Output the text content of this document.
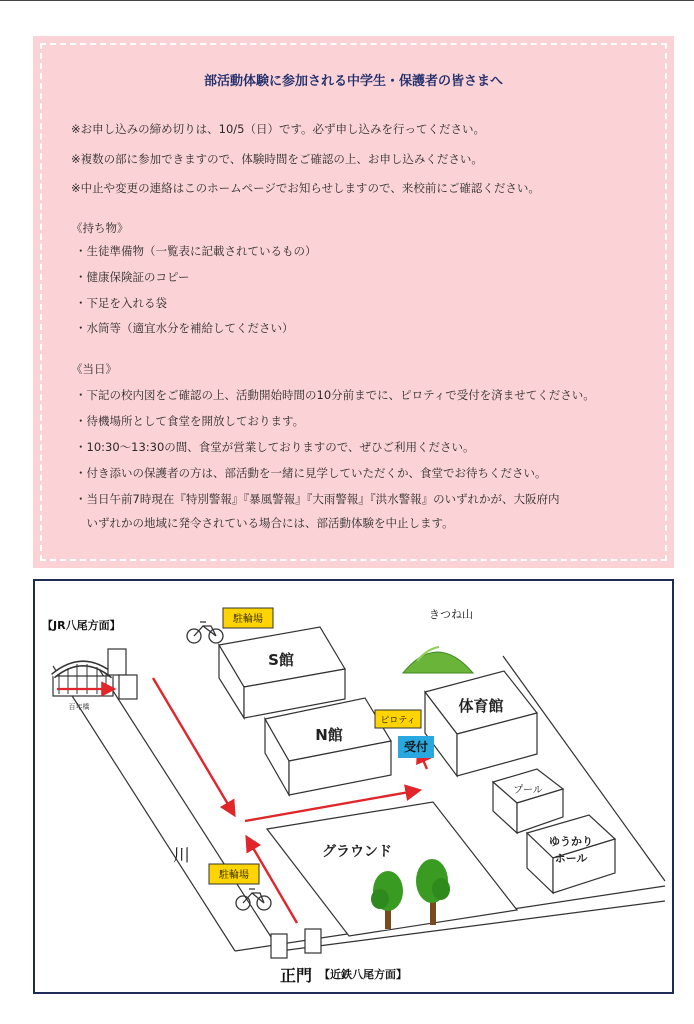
部活動体験に参加される中学生・保護者の皆さまへ
※お申し込みの締め切りは、10/5（日）です。必ず申し込みを行ってください。
※複数の部に参加できますので、体験時間をご確認の上、お申し込みください。
※中止や変更の連絡はこのホームページでお知らせしますので、来校前にご確認ください。
《持ち物》
・生徒準備物（一覧表に記載されているもの）
・健康保険証のコピー
・下足を入れる袋
・水筒等（適宜水分を補給してください）
《当日》
・下記の校内図をご確認の上、活動開始時間の10分前までに、ピロティで受付を済ませてください。
・待機場所として食堂を開放しております。
・10:30～13:30の間、食堂が営業しておりますので、ぜひご利用ください。
・付き添いの保護者の方は、部活動を一緒に見学していただくか、食堂でお待ちください。
・当日午前7時現在『特別警報』『暴風警報』『大雨警報』『洪水警報』のいずれかが、大阪府内
　いずれかの地域に発令されている場合には、部活動体験を中止します。
駐輪場
駐輪場
ピロティ
受付
【JR八尾方面】
百年橋
きつね山
S館
N館
体育館
プール
ゆうかり
ホール
グラウンド
川
正門 【近鉄八尾方面】
